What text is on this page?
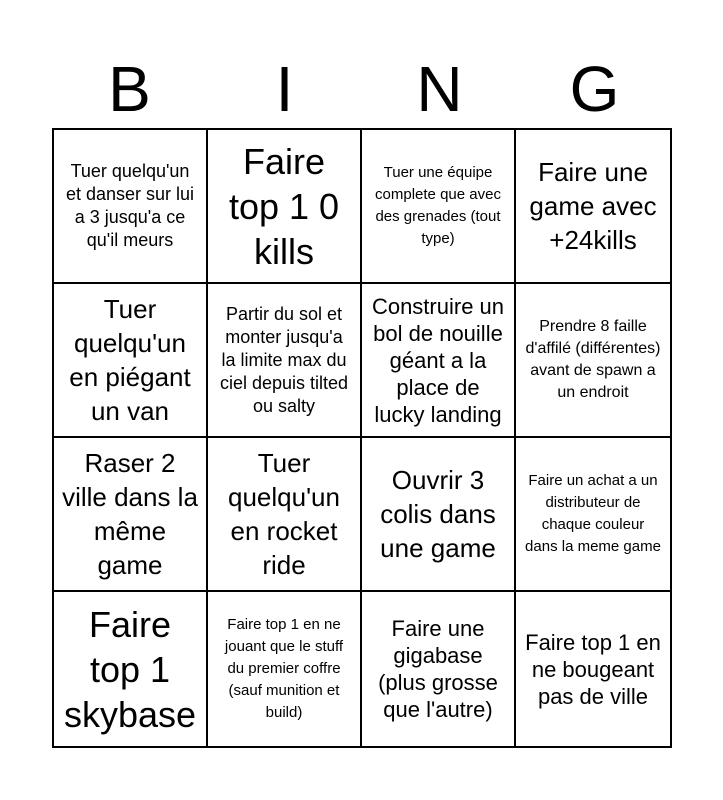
B	I	N	G
Tuer quelqu'un et danser sur lui a 3 jusqu'a ce qu'il meurs
Faire top 1 0 kills
Tuer une équipe complete que avec des grenades (tout type)
Faire une game avec +24kills
Tuer quelqu'un en piégant un van
Partir du sol et monter jusqu'a la limite max du ciel depuis tilted ou salty
Construire un bol de nouille géant a la place de lucky landing
Prendre 8 faille d'affilé (différentes) avant de spawn a un endroit
Raser 2 ville dans la même game
Tuer quelqu'un en rocket ride
Ouvrir 3 colis dans une game
Faire un achat a un distributeur de chaque couleur dans la meme game
Faire top 1 skybase
Faire top 1 en ne jouant que le stuff du premier coffre (sauf munition et build)
Faire une gigabase (plus grosse que l'autre)
Faire top 1 en ne bougeant pas de ville
